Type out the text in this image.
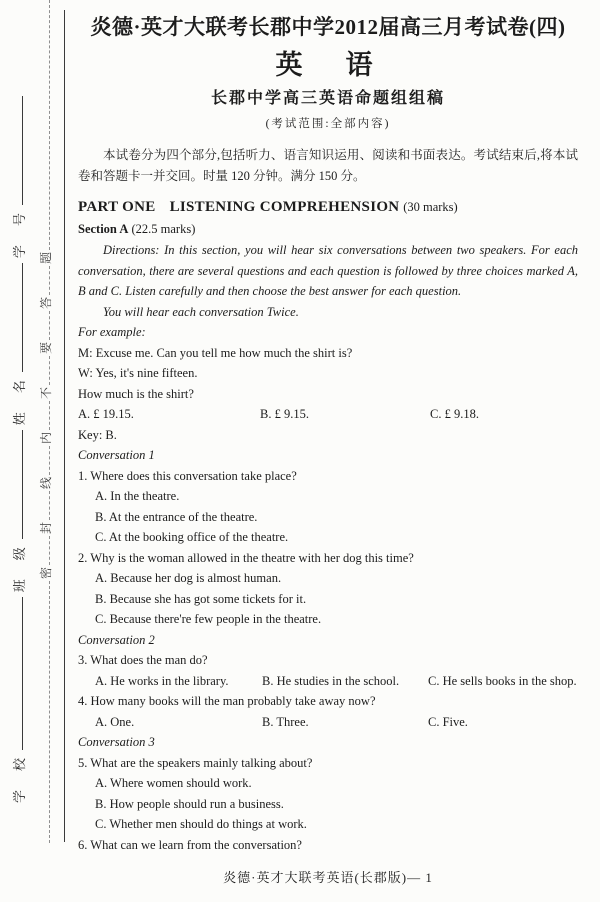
学　校
班　级
姓　名
学　号
密
封
线
内
不
要
答
题
炎德·英才大联考长郡中学2012届高三月考试卷(四)
英　语
长郡中学高三英语命题组组稿
(考试范围:全部内容)

本试卷分为四个部分,包括听力、语言知识运用、阅读和书面表达。考试结束后,将本试卷和答题卡一并交回。时量 120 分钟。满分 150 分。

PART ONE LISTENING COMPREHENSION (30 marks)
Section A (22.5 marks)

Directions: In this section, you will hear six conversations between two speakers. For each conversation, there are several questions and each question is followed by three choices marked A, B and C. Listen carefully and then choose the best answer for each question.

You will hear each conversation Twice.

For example:

M: Excuse me. Can you tell me how much the shirt is?

W: Yes, it's nine fifteen.

How much is the shirt?

A. £ 19.15.	B. £ 9.15.	C. £ 9.18.

Key: B.

Conversation 1

1. Where does this conversation take place?

A. In the theatre.

B. At the entrance of the theatre.

C. At the booking office of the theatre.

2. Why is the woman allowed in the theatre with her dog this time?

A. Because her dog is almost human.

B. Because she has got some tickets for it.

C. Because there're few people in the theatre.

Conversation 2

3. What does the man do?

A. He works in the library.	B. He studies in the school.	C. He sells books in the shop.

4. How many books will the man probably take away now?

A. One.	B. Three.	C. Five.

Conversation 3

5. What are the speakers mainly talking about?

A. Where women should work.

B. How people should run a business.

C. Whether men should do things at work.

6. What can we learn from the conversation?

炎德·英才大联考英语(长郡版)— 1
